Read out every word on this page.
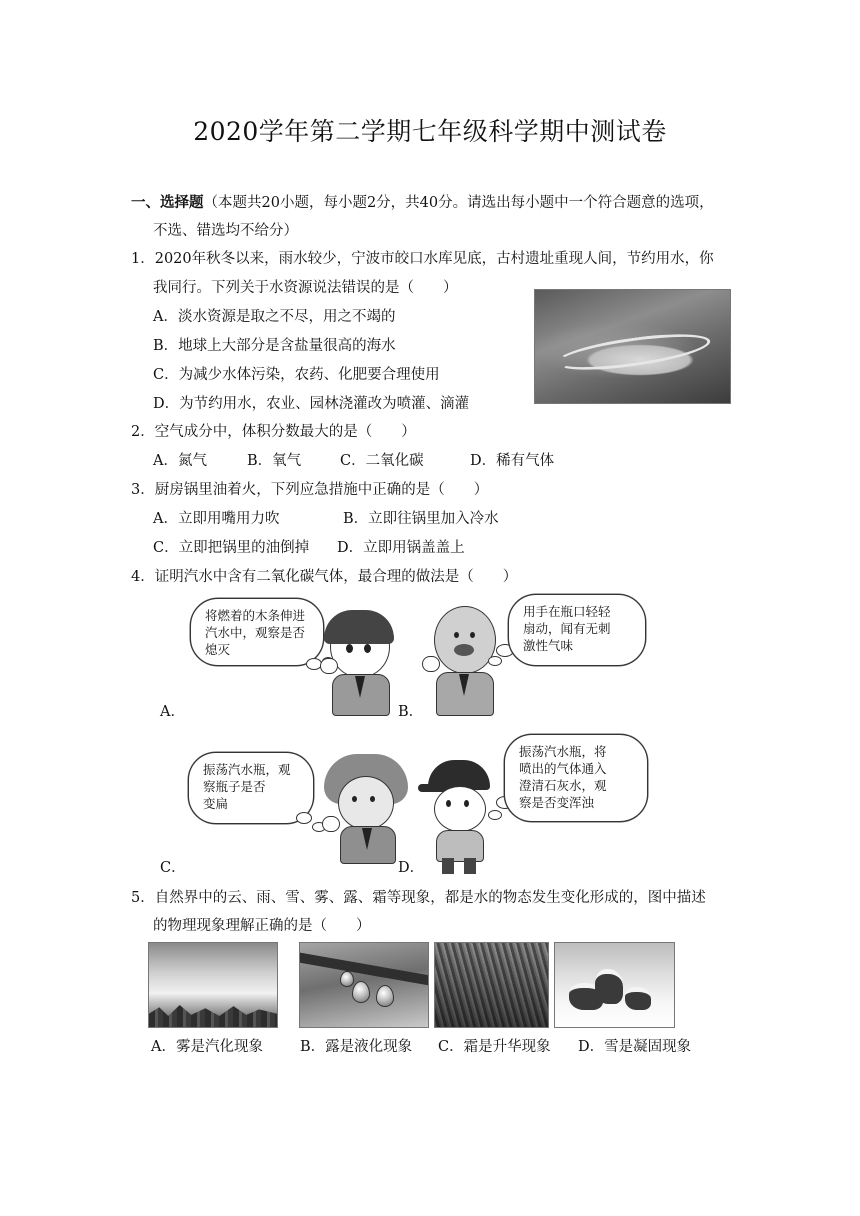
2020学年第二学期七年级科学期中测试卷
一、选择题（本题共20小题，每小题2分，共40分。请选出每小题中一个符合题意的选项，
不选、错选均不给分）
1．2020年秋冬以来，雨水较少，宁波市皎口水库见底，古村遗址重现人间，节约用水，你
我同行。下列关于水资源说法错误的是（　　）
A．淡水资源是取之不尽，用之不竭的
B．地球上大部分是含盐量很高的海水
C．为减少水体污染，农药、化肥要合理使用
D．为节约用水，农业、园林浇灌改为喷灌、滴灌
2．空气成分中，体积分数最大的是（　　）
A．氮气	B．氧气	C．二氧化碳	D．稀有气体
3．厨房锅里油着火，下列应急措施中正确的是（　　）
A．立即用嘴用力吹	B．立即往锅里加入冷水
C．立即把锅里的油倒掉 D．立即用锅盖盖上
4．证明汽水中含有二氧化碳气体，最合理的做法是（　　）
将燃着的木条伸进
汽水中，观察是否
熄灭
A．
用手在瓶口轻轻
扇动，闻有无刺
激性气味
B．
振荡汽水瓶，观
察瓶子是否
变扁
C．
振荡汽水瓶，将
喷出的气体通入
澄清石灰水，观
察是否变浑浊
D．
5．自然界中的云、雨、雪、雾、露、霜等现象，都是水的物态发生变化形成的，图中描述
的物理现象理解正确的是（　　）
A．雾是汽化现象	B．露是液化现象 C．霜是升华现象 D．雪是凝固现象
